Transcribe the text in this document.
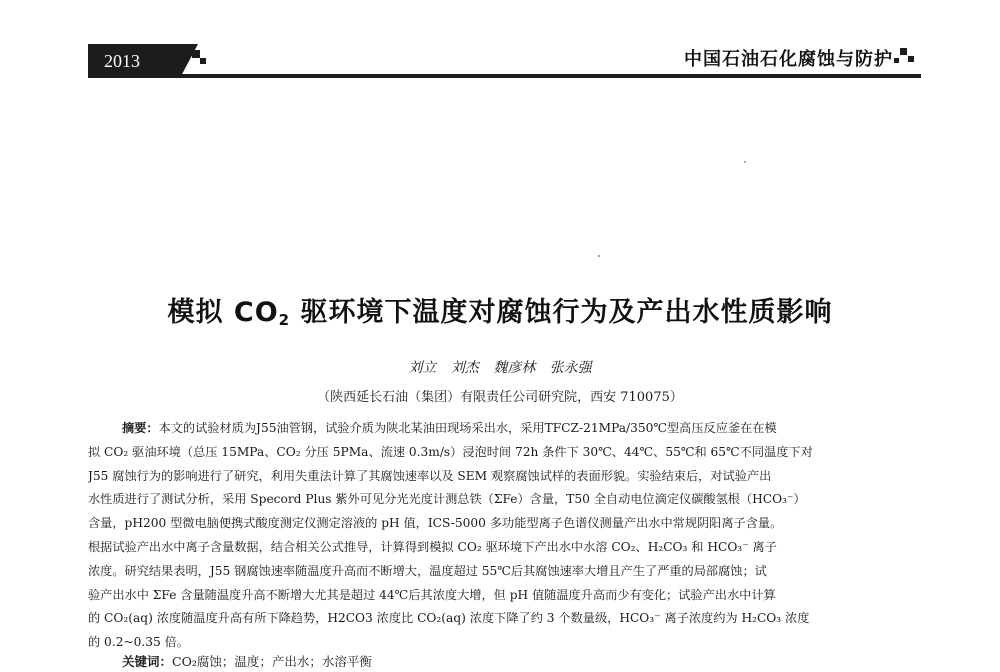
2013	中国石油石化腐蚀与防护
模拟 $CO_2$ 驱环境下温度对腐蚀行为及产出水性质影响
刘立 刘杰 魏彦林 张永强
（陕西延长石油（集团）有限责任公司研究院，西安 710075）
摘要：本文的试验材质为J55油管钢，试验介质为陕北某油田现场采出水，采用TFCZ-21MPa/350℃型高压反应釜在在模
拟 CO₂ 驱油环境（总压 15MPa、CO₂ 分压 5PMa、流速 0.3m/s）浸泡时间 72h 条件下 30℃、44℃、55℃和 65℃不同温度下对
J55 腐蚀行为的影响进行了研究，利用失重法计算了其腐蚀速率以及 SEM 观察腐蚀试样的表面形貌。实验结束后，对试验产出
水性质进行了测试分析，采用 Specord Plus 紫外可见分光光度计测总铁（ΣFe）含量，T50 全自动电位滴定仪碳酸氢根（HCO₃⁻）
含量，pH200 型微电脑便携式酸度测定仪测定溶液的 pH 值，ICS-5000 多功能型离子色谱仪测量产出水中常规阴阳离子含量。
根据试验产出水中离子含量数据，结合相关公式推导，计算得到模拟 CO₂ 驱环境下产出水中水溶 CO₂、H₂CO₃ 和 HCO₃⁻ 离子
浓度。研究结果表明，J55 钢腐蚀速率随温度升高而不断增大，温度超过 55℃后其腐蚀速率大增且产生了严重的局部腐蚀；试
验产出水中 ΣFe 含量随温度升高不断增大尤其是超过 44℃后其浓度大增，但 pH 值随温度升高而少有变化；试验产出水中计算
的 CO₂(aq) 浓度随温度升高有所下降趋势，H2CO3 浓度比 CO₂(aq) 浓度下降了约 3 个数量级，HCO₃⁻ 离子浓度约为 H₂CO₃ 浓度
的 0.2~0.35 倍。
关键词：CO₂腐蚀；温度；产出水；水溶平衡
